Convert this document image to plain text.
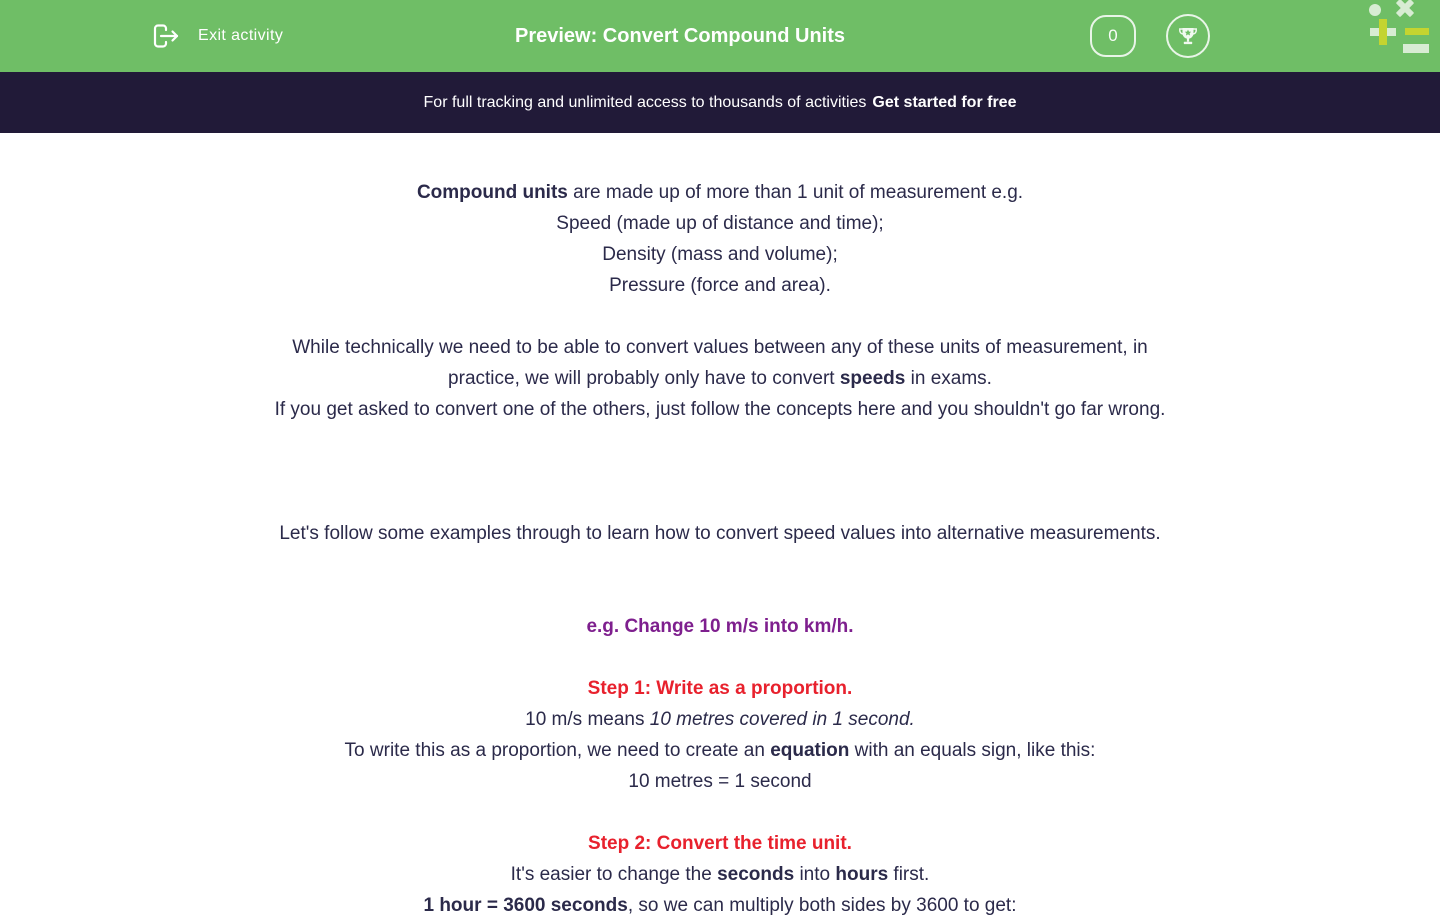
Exit activity	Preview: Convert Compound Units	0
For full tracking and unlimited access to thousands of activities Get started for free
Compound units are made up of more than 1 unit of measurement e.g.
Speed (made up of distance and time);
Density (mass and volume);
Pressure (force and area).

While technically we need to be able to convert values between any of these units of measurement, in
practice, we will probably only have to convert speeds in exams.
If you get asked to convert one of the others, just follow the concepts here and you shouldn't go far wrong.

Let's follow some examples through to learn how to convert speed values into alternative measurements.

e.g. Change 10 m/s into km/h.

Step 1: Write as a proportion.
10 m/s means 10 metres covered in 1 second.
To write this as a proportion, we need to create an equation with an equals sign, like this:
10 metres = 1 second

Step 2: Convert the time unit.
It's easier to change the seconds into hours first.
1 hour = 3600 seconds, so we can multiply both sides by 3600 to get:
